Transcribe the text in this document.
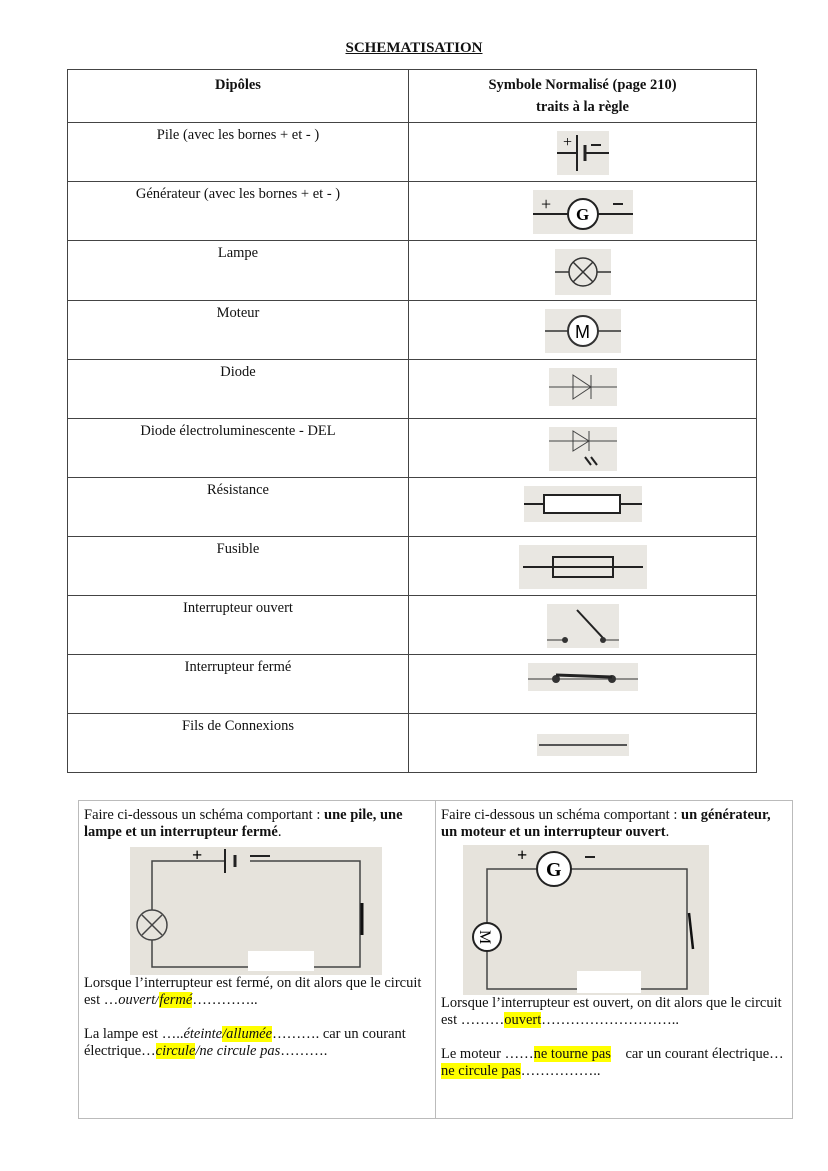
SCHEMATISATION
Dipôles	Symbole Normalisé (page 210)
traits à la règle
Pile (avec les bornes + et - )	+

Générateur (avec les bornes + et - )	G
+

Lampe	
Moteur	M

Diode	
Diode électroluminescente - DEL	
Résistance	
Fusible	
Interrupteur ouvert	
Interrupteur fermé	
Fils de Connexions	

Faire ci-dessous un schéma comportant : une pile, une lampe et un interrupteur fermé.

+

Lorsque l’interrupteur est fermé, on dit alors que le circuit est …ouvert/fermé…………..

La lampe est …..éteinte/allumée………. car un courant électrique…circule/ne circule pas……….

Faire ci-dessous un schéma comportant : un générateur, un moteur et un interrupteur ouvert.

G
+
M

Lorsque l’interrupteur est ouvert, on dit alors que le circuit est ………ouvert………………………..

Le moteur ……ne tourne pas    car un courant électrique…ne circule pas……………..
